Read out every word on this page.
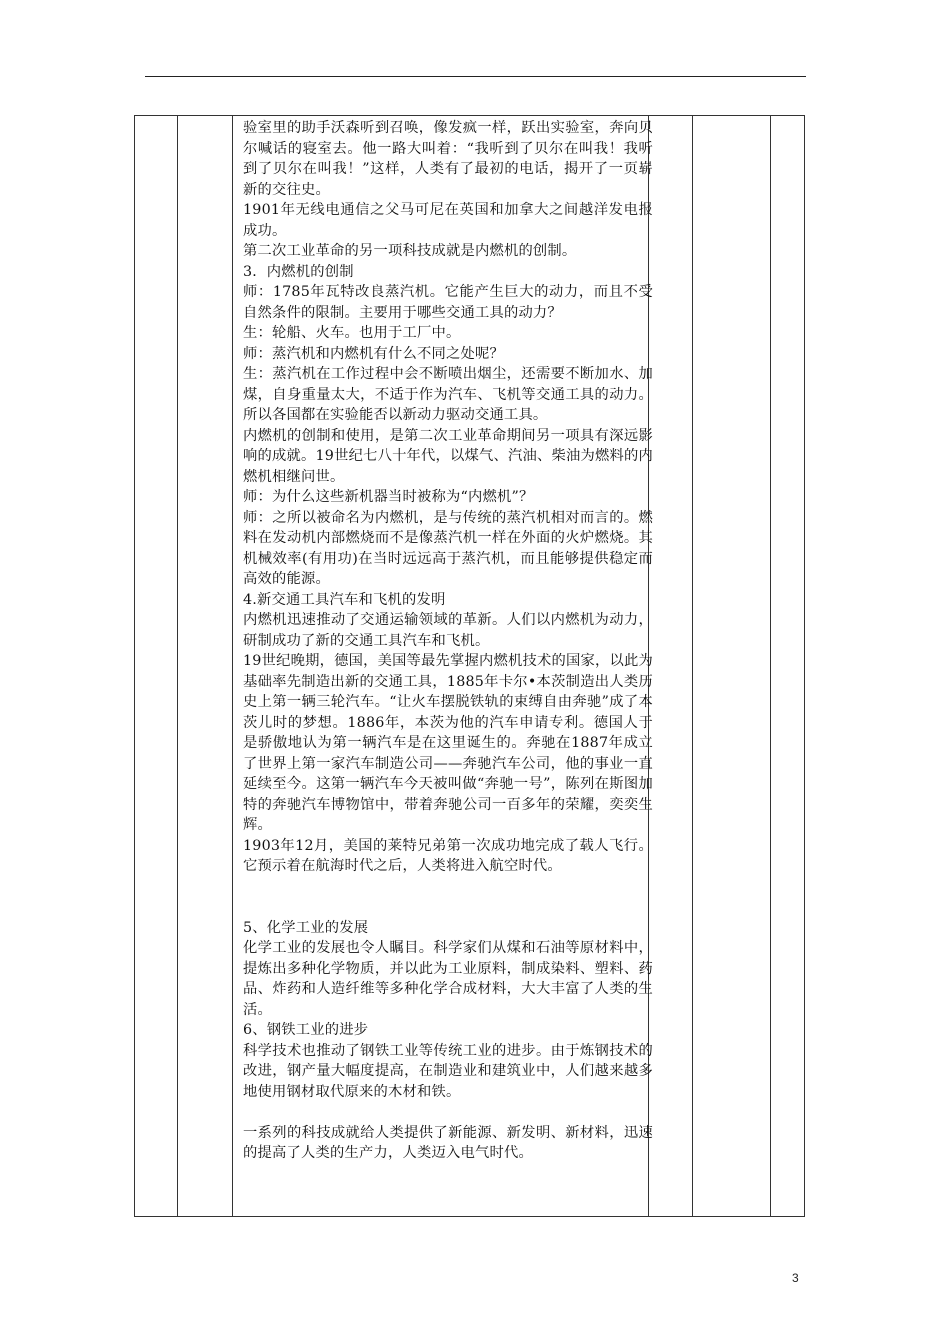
验室里的助手沃森听到召唤，像发疯一样，跃出实验室，奔向贝尔喊话的寝室去。他一路大叫着：“我听到了贝尔在叫我！我听到了贝尔在叫我！”这样，人类有了最初的电话，揭开了一页崭新的交往史。

1901年无线电通信之父马可尼在英国和加拿大之间越洋发电报成功。

第二次工业革命的另一项科技成就是内燃机的创制。

3．内燃机的创制

师：1785年瓦特改良蒸汽机。它能产生巨大的动力，而且不受自然条件的限制。主要用于哪些交通工具的动力？

生：轮船、火车。也用于工厂中。

师：蒸汽机和内燃机有什么不同之处呢？

生：蒸汽机在工作过程中会不断喷出烟尘，还需要不断加水、加煤，自身重量太大，不适于作为汽车、飞机等交通工具的动力。所以各国都在实验能否以新动力驱动交通工具。

内燃机的创制和使用，是第二次工业革命期间另一项具有深远影响的成就。19世纪七八十年代，以煤气、汽油、柴油为燃料的内燃机相继问世。

师：为什么这些新机器当时被称为“内燃机”？

师：之所以被命名为内燃机，是与传统的蒸汽机相对而言的。燃料在发动机内部燃烧而不是像蒸汽机一样在外面的火炉燃烧。其机械效率(有用功)在当时远远高于蒸汽机，而且能够提供稳定而高效的能源。

4.新交通工具汽车和飞机的发明

内燃机迅速推动了交通运输领域的革新。人们以内燃机为动力，研制成功了新的交通工具汽车和飞机。

19世纪晚期，德国，美国等最先掌握内燃机技术的国家，以此为基础率先制造出新的交通工具，1885年卡尔•本茨制造出人类历史上第一辆三轮汽车。“让火车摆脱铁轨的束缚自由奔驰”成了本茨儿时的梦想。1886年，本茨为他的汽车申请专利。德国人于是骄傲地认为第一辆汽车是在这里诞生的。奔驰在1887年成立了世界上第一家汽车制造公司——奔驰汽车公司，他的事业一直延续至今。这第一辆汽车今天被叫做“奔驰一号”，陈列在斯图加特的奔驰汽车博物馆中，带着奔驰公司一百多年的荣耀，奕奕生辉。

1903年12月，美国的莱特兄弟第一次成功地完成了载人飞行。它预示着在航海时代之后，人类将进入航空时代。

5、化学工业的发展

化学工业的发展也令人瞩目。科学家们从煤和石油等原材料中，提炼出多种化学物质，并以此为工业原料，制成染料、塑料、药品、炸药和人造纤维等多种化学合成材料，大大丰富了人类的生活。

6、钢铁工业的进步

科学技术也推动了钢铁工业等传统工业的进步。由于炼钢技术的改进，钢产量大幅度提高，在制造业和建筑业中，人们越来越多地使用钢材取代原来的木材和铁。

一系列的科技成就给人类提供了新能源、新发明、新材料，迅速的提高了人类的生产力，人类迈入电气时代。

3
